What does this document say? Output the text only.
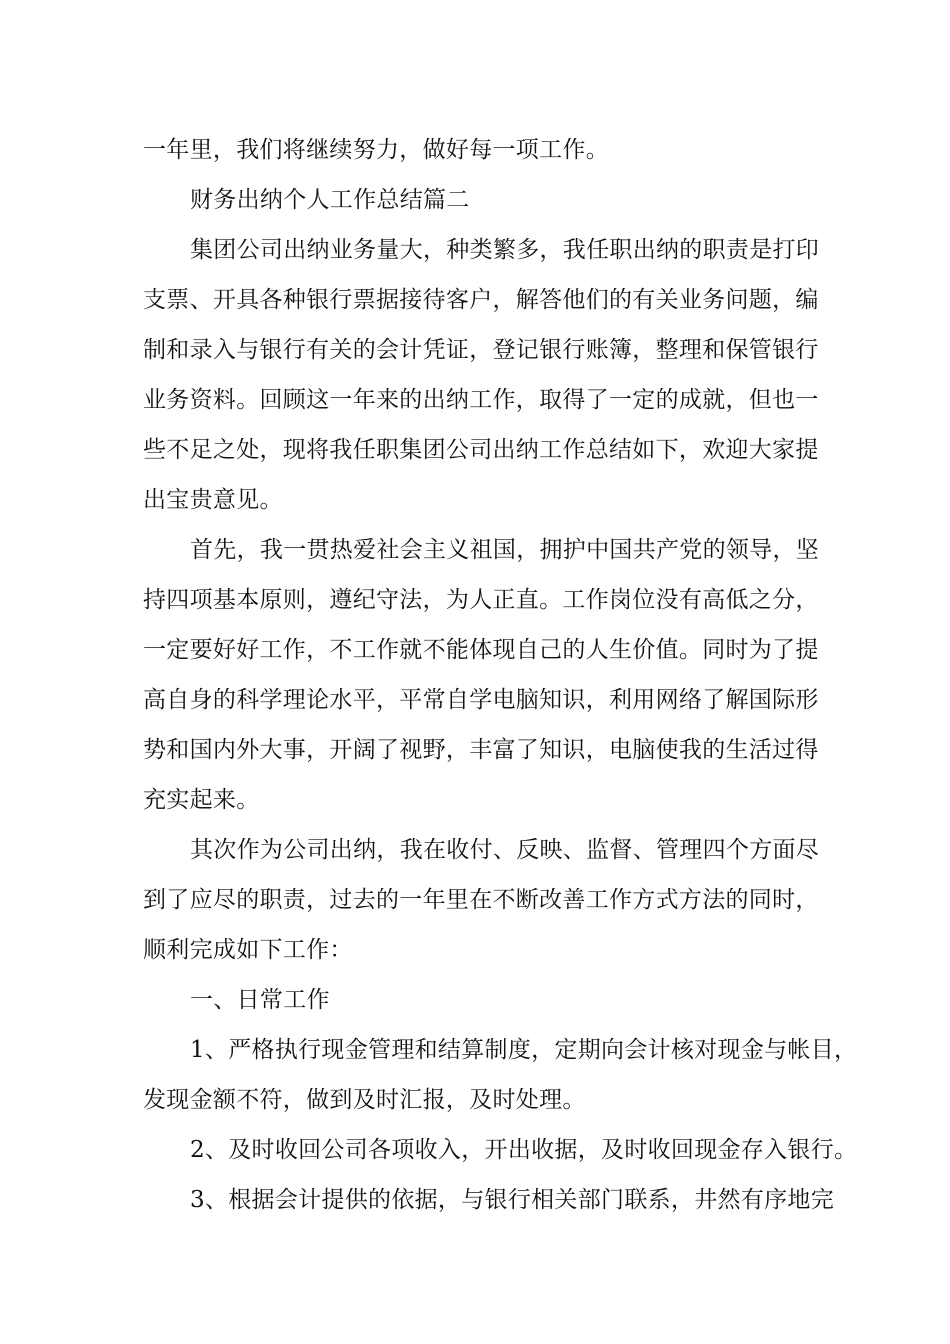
一年里，我们将继续努力，做好每一项工作。

财务出纳个人工作总结篇二

集团公司出纳业务量大，种类繁多，我任职出纳的职责是打印

支票、开具各种银行票据接待客户，解答他们的有关业务问题，编

制和录入与银行有关的会计凭证，登记银行账簿，整理和保管银行

业务资料。回顾这一年来的出纳工作，取得了一定的成就，但也一

些不足之处，现将我任职集团公司出纳工作总结如下，欢迎大家提

出宝贵意见。

首先，我一贯热爱社会主义祖国，拥护中国共产党的领导，坚

持四项基本原则，遵纪守法，为人正直。工作岗位没有高低之分，

一定要好好工作，不工作就不能体现自己的人生价值。同时为了提

高自身的科学理论水平，平常自学电脑知识，利用网络了解国际形

势和国内外大事，开阔了视野，丰富了知识，电脑使我的生活过得

充实起来。

其次作为公司出纳，我在收付、反映、监督、管理四个方面尽

到了应尽的职责，过去的一年里在不断改善工作方式方法的同时，

顺利完成如下工作：

一、日常工作

1、严格执行现金管理和结算制度，定期向会计核对现金与帐目，

发现金额不符，做到及时汇报，及时处理。

2、及时收回公司各项收入，开出收据，及时收回现金存入银行。

3、根据会计提供的依据，与银行相关部门联系，井然有序地完
